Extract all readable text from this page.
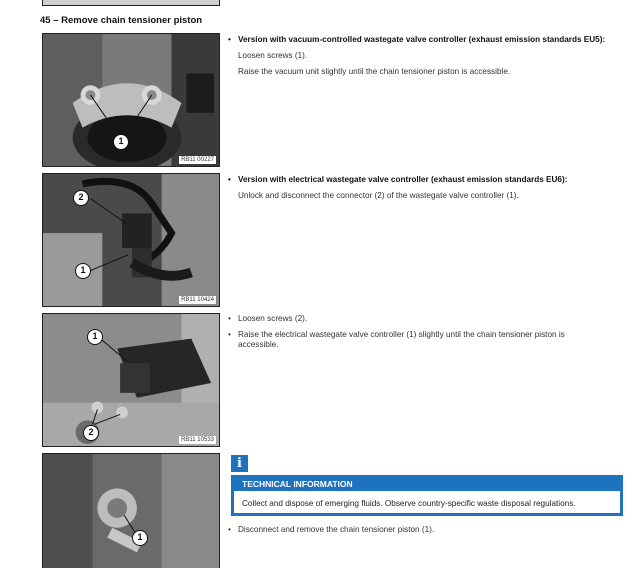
45 – Remove chain tensioner piston
1
RB11 00227
2
1
RB11 10424
1
2
RB11 10533
1
• Version with vacuum-controlled wastegate valve controller (exhaust emission standards EU5):
Loosen screws (1).
Raise the vacuum unit slightly until the chain tensioner piston is accessible.
• Version with electrical wastegate valve controller (exhaust emission standards EU6):
Unlock and disconnect the connector (2) of the wastegate valve controller (1).
• Loosen screws (2).
• Raise the electrical wastegate valve controller (1) slightly until the chain tensioner piston is accessible.
i
TECHNICAL INFORMATION
Collect and dispose of emerging fluids. Observe country-specific waste disposal regulations.
• Disconnect and remove the chain tensioner piston (1).
